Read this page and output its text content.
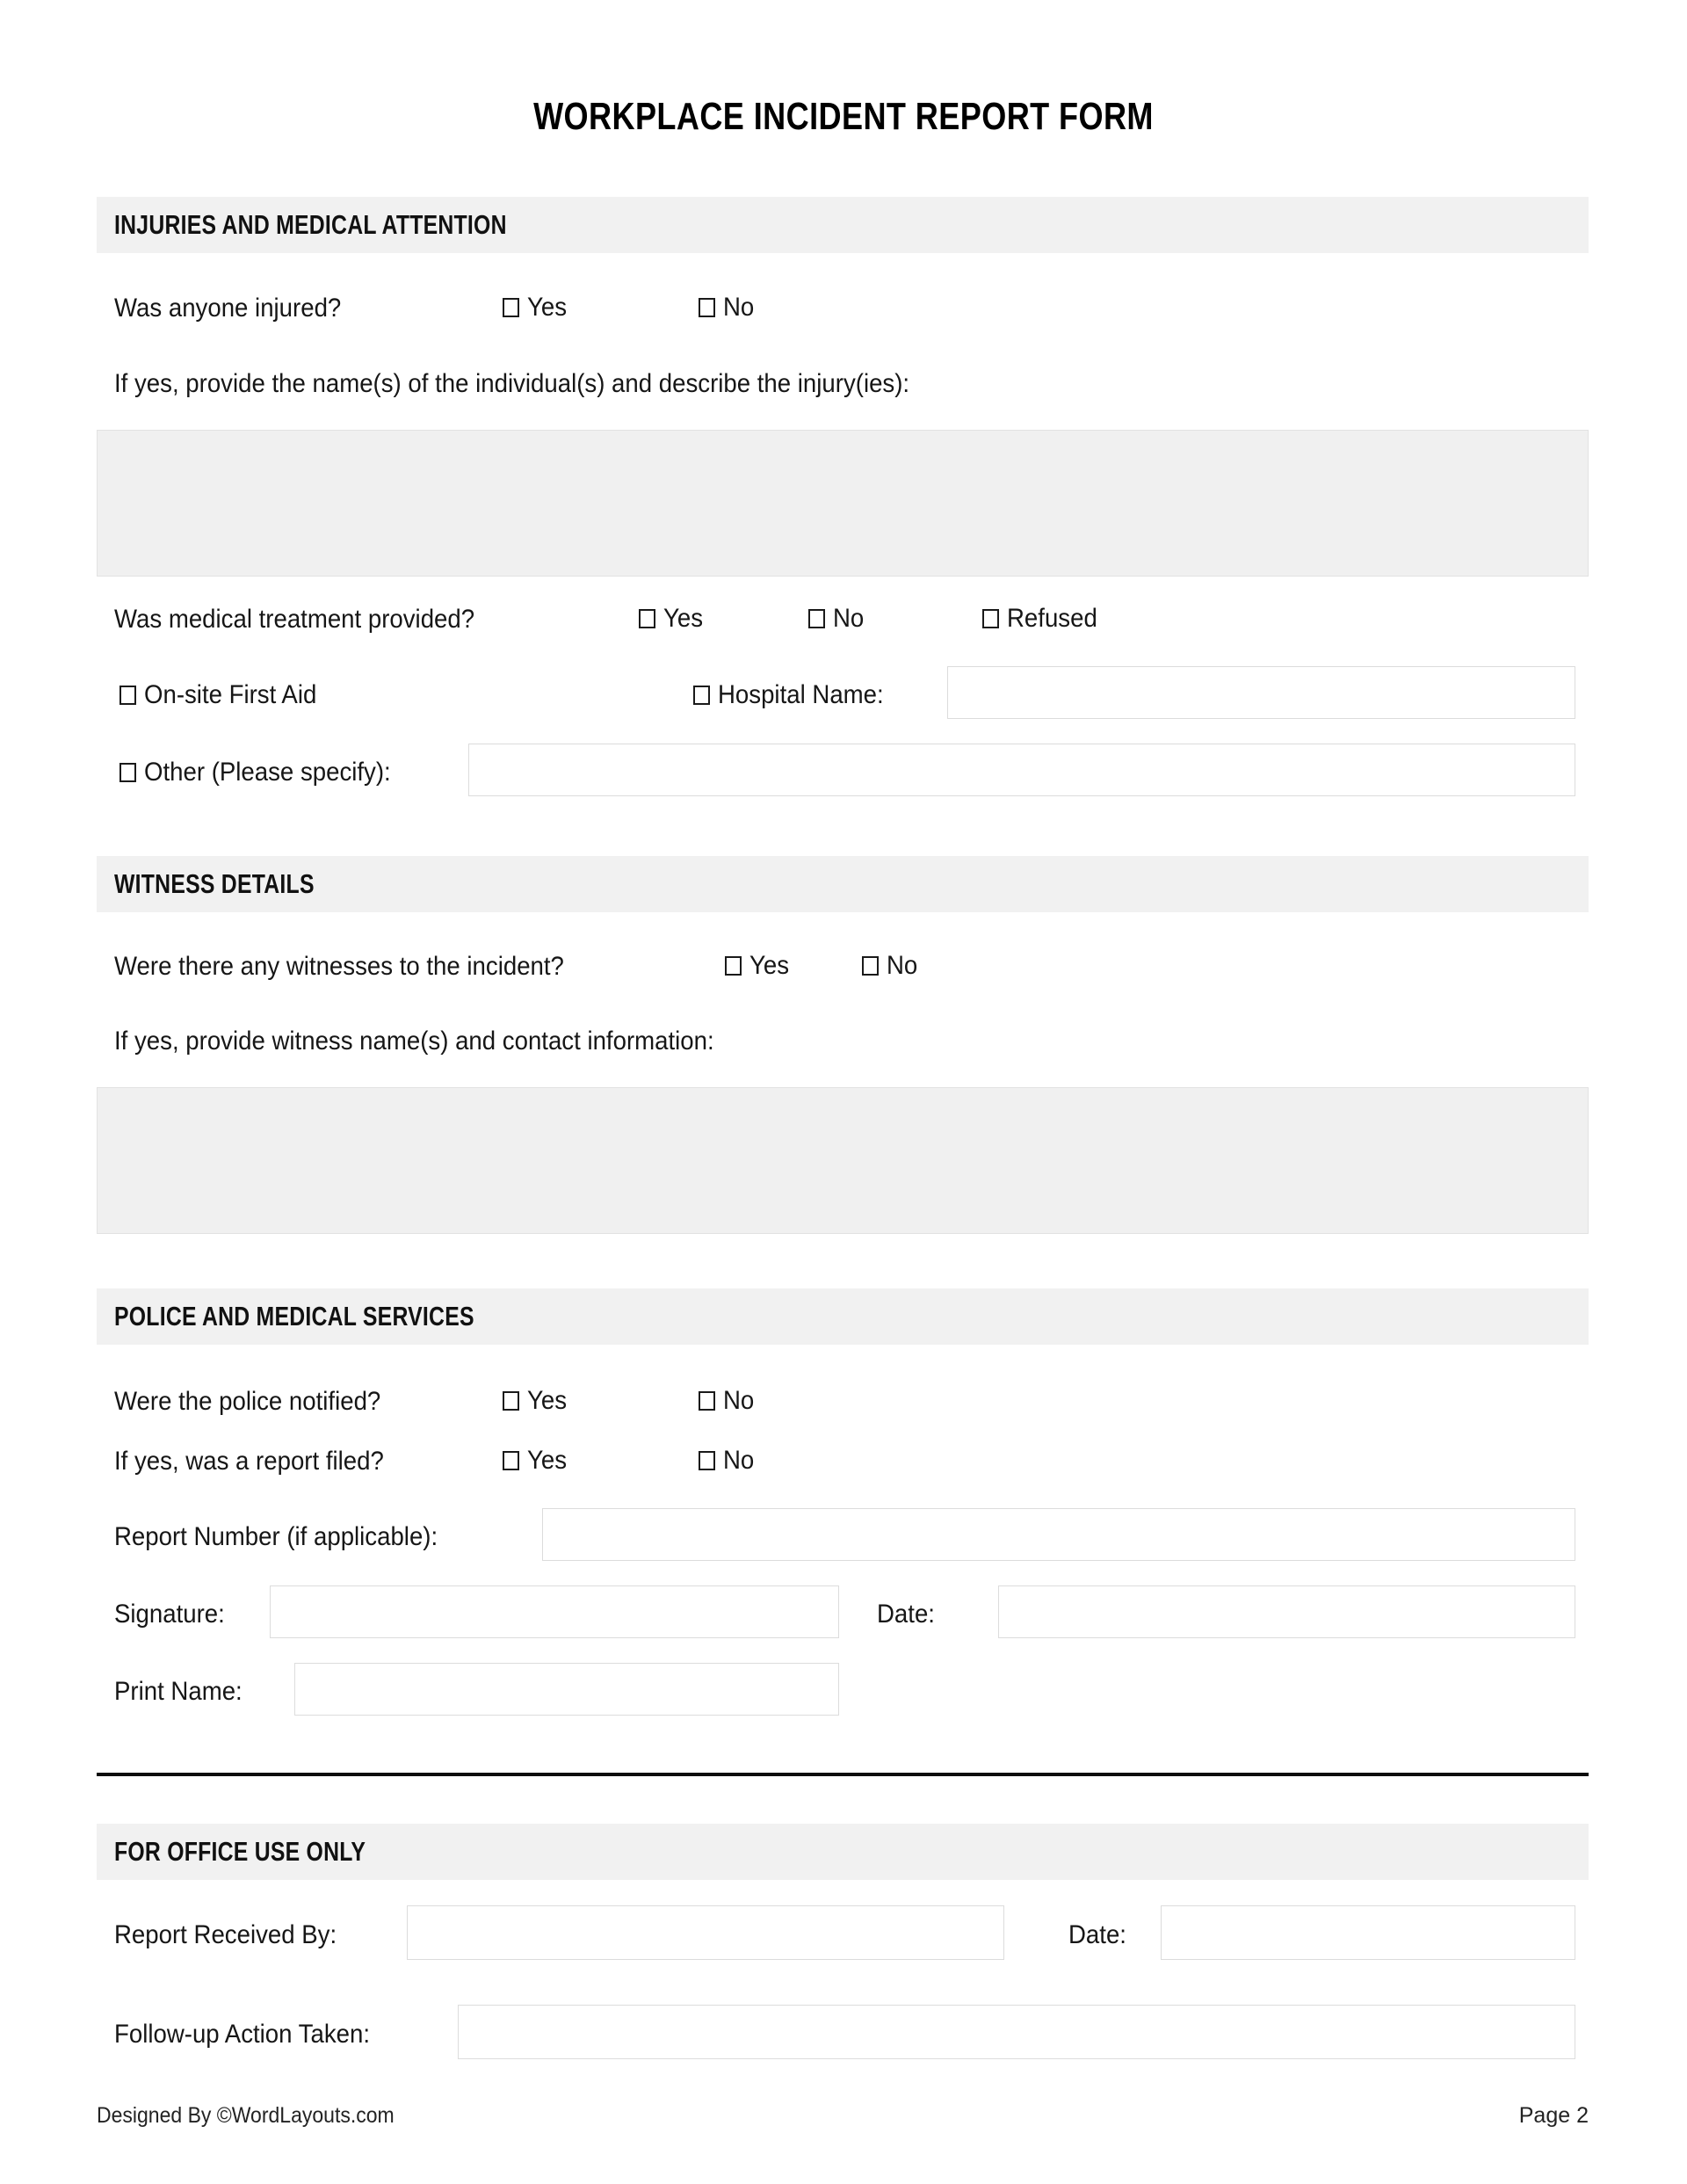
WORKPLACE INCIDENT REPORT FORM
INJURIES AND MEDICAL ATTENTION
Was anyone injured?	Yes	No
If yes, provide the name(s) of the individual(s) and describe the injury(ies):
Was medical treatment provided?	Yes	No	Refused
On-site First Aid	Hospital Name:
Other (Please specify):
WITNESS DETAILS
Were there any witnesses to the incident?	Yes	No
If yes, provide witness name(s) and contact information:
POLICE AND MEDICAL SERVICES
Were the police notified?	Yes	No
If yes, was a report filed?	Yes	No
Report Number (if applicable):
Signature:	Date:
Print Name:
FOR OFFICE USE ONLY
Report Received By:	Date:
Follow-up Action Taken:
Designed By ©WordLayouts.com	Page 2
